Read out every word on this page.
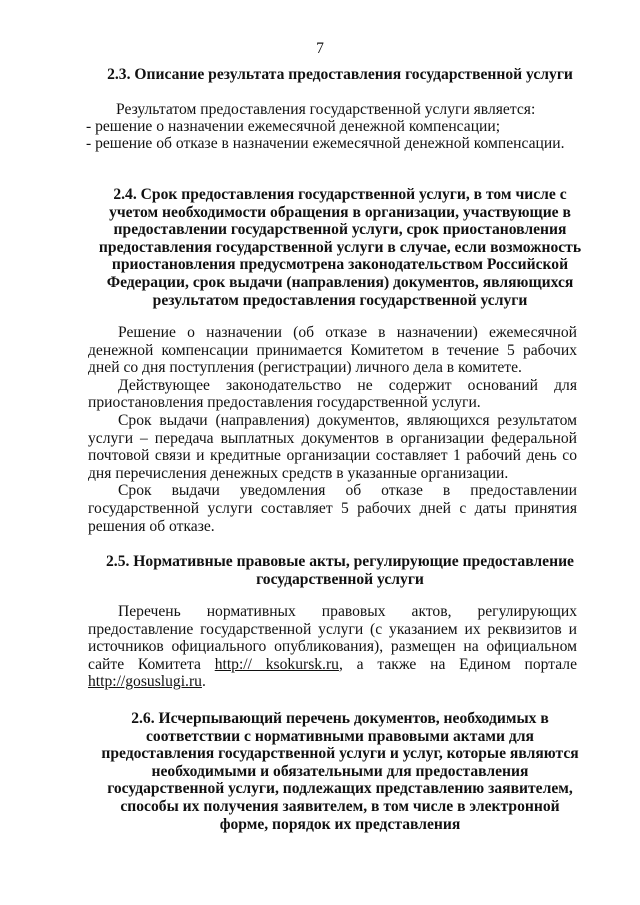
7
2.3. Описание результата предоставления государственной услуги
Результатом предоставления государственной услуги является:
- решение о назначении ежемесячной денежной компенсации;
- решение об отказе в назначении ежемесячной денежной компенсации.
2.4. Срок предоставления государственной услуги, в том числе с учетом необходимости обращения в организации, участвующие в предоставлении государственной услуги, срок приостановления предоставления государственной услуги в случае, если возможность приостановления предусмотрена законодательством Российской Федерации, срок выдачи (направления) документов, являющихся результатом предоставления государственной услуги

Решение о назначении (об отказе в назначении) ежемесячной денежной компенсации принимается Комитетом в течение 5 рабочих дней со дня поступления (регистрации) личного дела в комитете.

Действующее законодательство не содержит оснований для приостановления предоставления государственной услуги.

Срок выдачи (направления) документов, являющихся результатом услуги – передача выплатных документов в организации федеральной почтовой связи и кредитные организации составляет 1 рабочий день со дня перечисления денежных средств в указанные организации.

Срок выдачи уведомления об отказе в предоставлении государственной услуги составляет 5 рабочих дней с даты принятия решения об отказе.

2.5. Нормативные правовые акты, регулирующие предоставление государственной услуги

Перечень нормативных правовых актов, регулирующих предоставление государственной услуги (с указанием их реквизитов и источников официального опубликования), размещен на официальном сайте Комитета http:// ksokursk.ru, а также на Едином портале http://gosuslugi.ru.

2.6. Исчерпывающий перечень документов, необходимых в соответствии с нормативными правовыми актами для предоставления государственной услуги и услуг, которые являются необходимыми и обязательными для предоставления государственной услуги, подлежащих представлению заявителем, способы их получения заявителем, в том числе в электронной форме, порядок их представления
